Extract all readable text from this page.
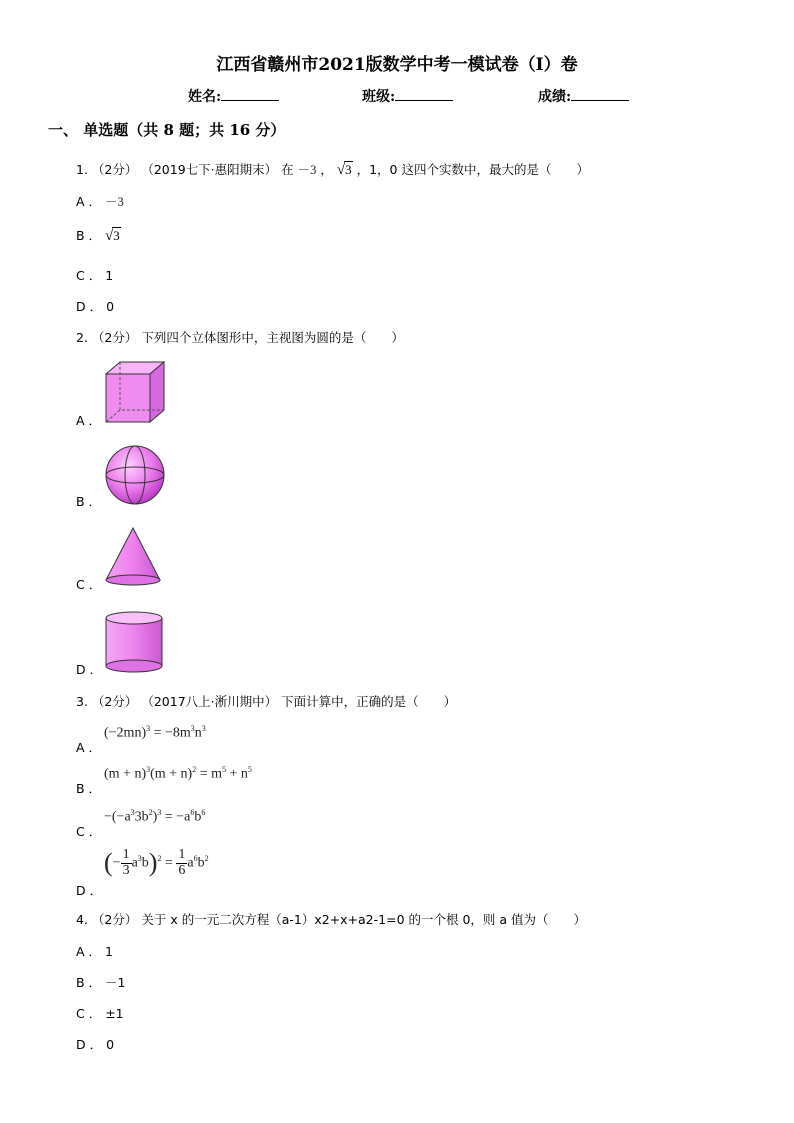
江西省赣州市2021版数学中考一模试卷（I）卷
姓名:	班级:	成绩:
一、 单选题（共 8 题；共 16 分）
1. （2分） （2019七下·惠阳期末） 在 －3 ， √3 ，1，0 这四个实数中，最大的是（　　）
A ． －3
B ． √3
C ． 1
D ． 0
2. （2分） 下列四个立体图形中，主视图为圆的是（　　）
A ．
B ．
C ．
D ．
3. （2分） （2017八上·淅川期中） 下面计算中，正确的是（　　）
A ．
$(-2mn)^3 = -8m^3n^3$
B ．
$(m + n)^3(m + n)^2 = m^5 + n^5$
C ．
$-(-a^33b^2)^3 = -a^6b^6$
D ．
(− $\frac{1}{3} a^3b)^2 = \frac{1}{6} a^6b^2$
4. （2分） 关于 x 的一元二次方程（a-1）x2+x+a2-1=0 的一个根 0，则 a 值为（　　）
A ． 1
B ． －1
C ． ±1
D ． 0
